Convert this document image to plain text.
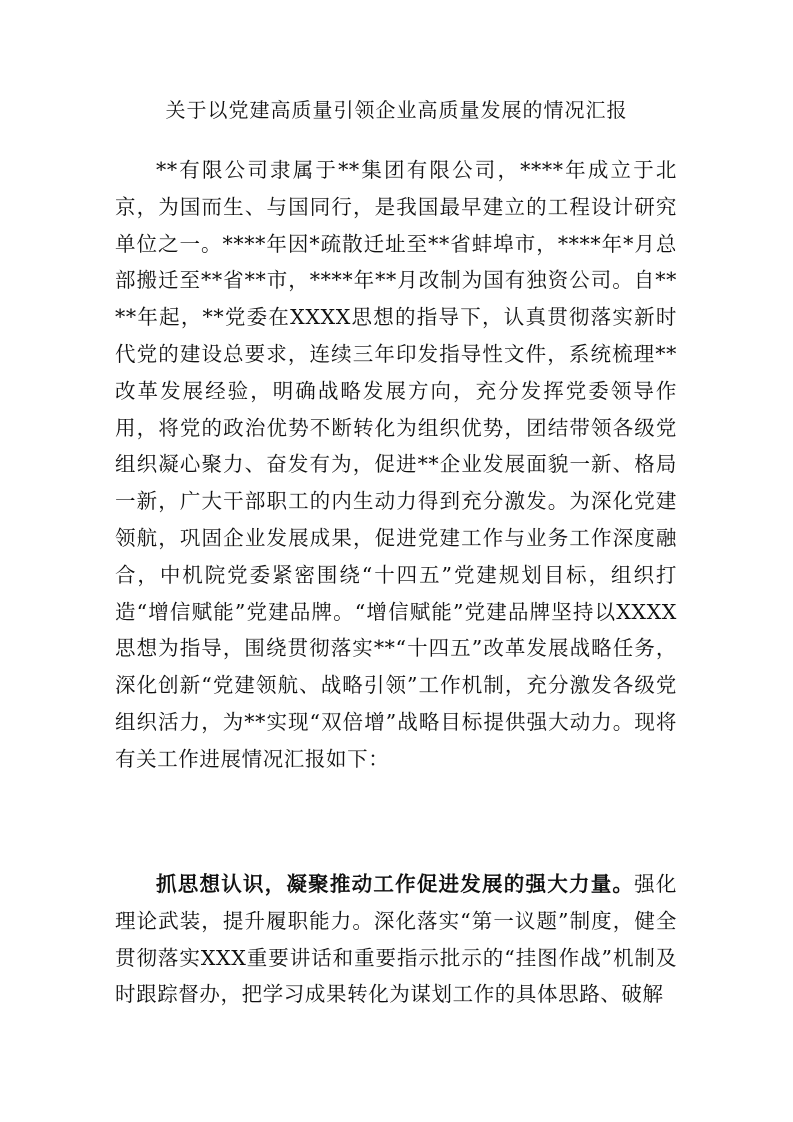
关于以党建高质量引领企业高质量发展的情况汇报

**有限公司隶属于**集团有限公司，****年成立于北京，为国而生、与国同行，是我国最早建立的工程设计研究单位之一。****年因*疏散迁址至**省蚌埠市，****年*月总部搬迁至**省**市，****年**月改制为国有独资公司。自****年起，**党委在XXXX思想的指导下，认真贯彻落实新时代党的建设总要求，连续三年印发指导性文件，系统梳理**改革发展经验，明确战略发展方向，充分发挥党委领导作用，将党的政治优势不断转化为组织优势，团结带领各级党组织凝心聚力、奋发有为，促进**企业发展面貌一新、格局一新，广大干部职工的内生动力得到充分激发。为深化党建领航，巩固企业发展成果，促进党建工作与业务工作深度融合，中机院党委紧密围绕“十四五”党建规划目标，组织打造“增信赋能”党建品牌。“增信赋能”党建品牌坚持以XXXX思想为指导，围绕贯彻落实**“十四五”改革发展战略任务，深化创新“党建领航、战略引领”工作机制，充分激发各级党组织活力，为**实现“双倍增”战略目标提供强大动力。现将有关工作进展情况汇报如下：

抓思想认识，凝聚推动工作促进发展的强大力量。强化理论武装，提升履职能力。深化落实“第一议题”制度，健全贯彻落实XXX重要讲话和重要指示批示的“挂图作战”机制及时跟踪督办，把学习成果转化为谋划工作的具体思路、破解
